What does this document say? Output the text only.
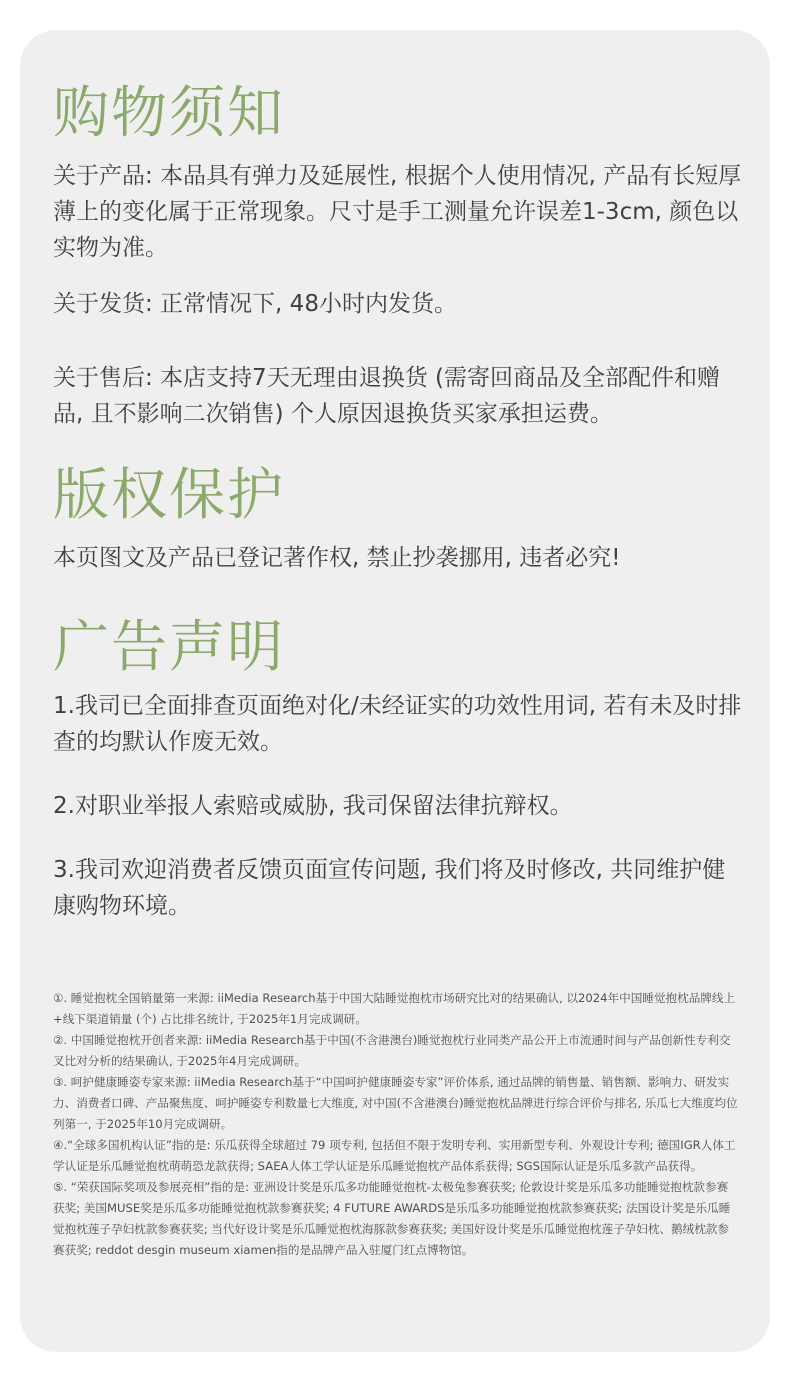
购物须知

关于产品: 本品具有弹力及延展性, 根据个人使用情况, 产品有长短厚薄上的变化属于正常现象。尺寸是手工测量允许误差1-3cm, 颜色以实物为准。

关于发货: 正常情况下, 48小时内发货。

关于售后: 本店支持7天无理由退换货 (需寄回商品及全部配件和赠品, 且不影响二次销售) 个人原因退换货买家承担运费。

版权保护

本页图文及产品已登记著作权, 禁止抄袭挪用, 违者必究!

广告声明

1.我司已全面排查页面绝对化/未经证实的功效性用词, 若有未及时排查的均默认作废无效。

2.对职业举报人索赔或威胁, 我司保留法律抗辩权。

3.我司欢迎消费者反馈页面宣传问题, 我们将及时修改, 共同维护健康购物环境。

①. 睡觉抱枕全国销量第一来源: iiMedia Research基于中国大陆睡觉抱枕市场研究比对的结果确认, 以2024年中国睡觉抱枕品牌线上+线下渠道销量 (个) 占比排名统计, 于2025年1月完成调研。
②. 中国睡觉抱枕开创者来源: iiMedia Research基于中国(不含港澳台)睡觉抱枕行业同类产品公开上市流通时间与产品创新性专利交叉比对分析的结果确认, 于2025年4月完成调研。
③. 呵护健康睡姿专家来源: iiMedia Research基于“中国呵护健康睡姿专家”评价体系, 通过品牌的销售量、销售额、影响力、研发实力、消费者口碑、产品聚焦度、呵护睡姿专利数量七大维度, 对中国(不含港澳台)睡觉抱枕品牌进行综合评价与排名, 乐瓜七大维度均位列第一, 于2025年10月完成调研。
④.“全球多国机构认证”指的是: 乐瓜获得全球超过 79 项专利, 包括但不限于发明专利、实用新型专利、外观设计专利; 德国IGR人体工学认证是乐瓜睡觉抱枕萌萌恐龙款获得; SAEA人体工学认证是乐瓜睡觉抱枕产品体系获得; SGS国际认证是乐瓜多款产品获得。
⑤. “荣获国际奖项及参展亮相”指的是: 亚洲设计奖是乐瓜多功能睡觉抱枕-太极兔参赛获奖; 伦敦设计奖是乐瓜多功能睡觉抱枕款参赛获奖; 美国MUSE奖是乐瓜多功能睡觉抱枕款参赛获奖; 4 FUTURE AWARDS是乐瓜多功能睡觉抱枕款参赛获奖; 法国设计奖是乐瓜睡觉抱枕莲子孕妇枕款参赛获奖; 当代好设计奖是乐瓜睡觉抱枕海豚款参赛获奖; 美国好设计奖是乐瓜睡觉抱枕莲子孕妇枕、鹅绒枕款参赛获奖; reddot desgin museum xiamen指的是品牌产品入驻厦门红点博物馆。
